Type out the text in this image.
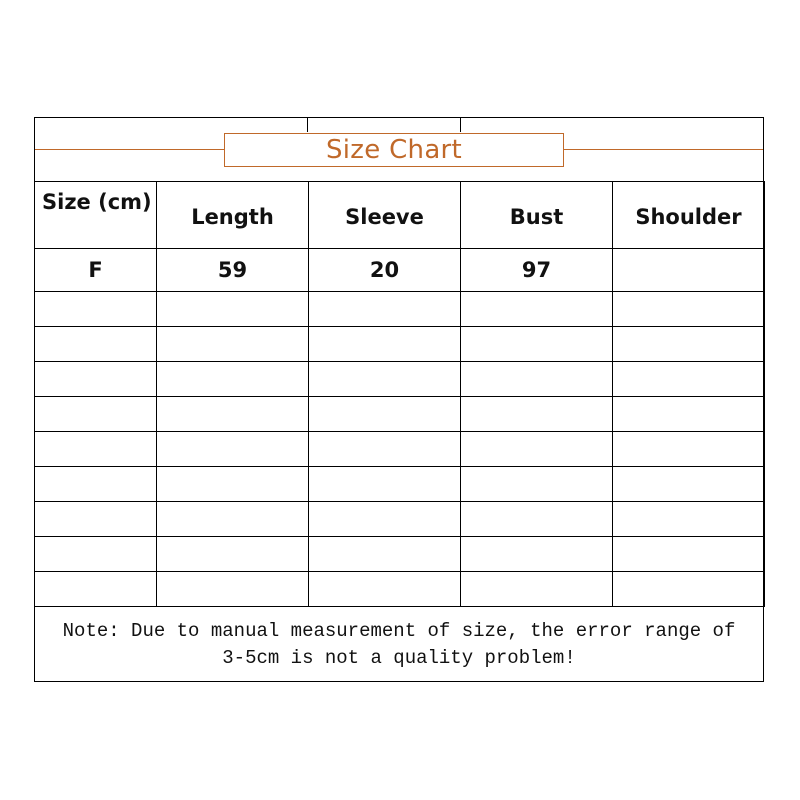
Size Chart
Size (cm)	Length	Sleeve	Bust	Shoulder
F	59	20	97	

Note: Due to manual measurement of size, the error range of
3-5cm is not a quality problem!
